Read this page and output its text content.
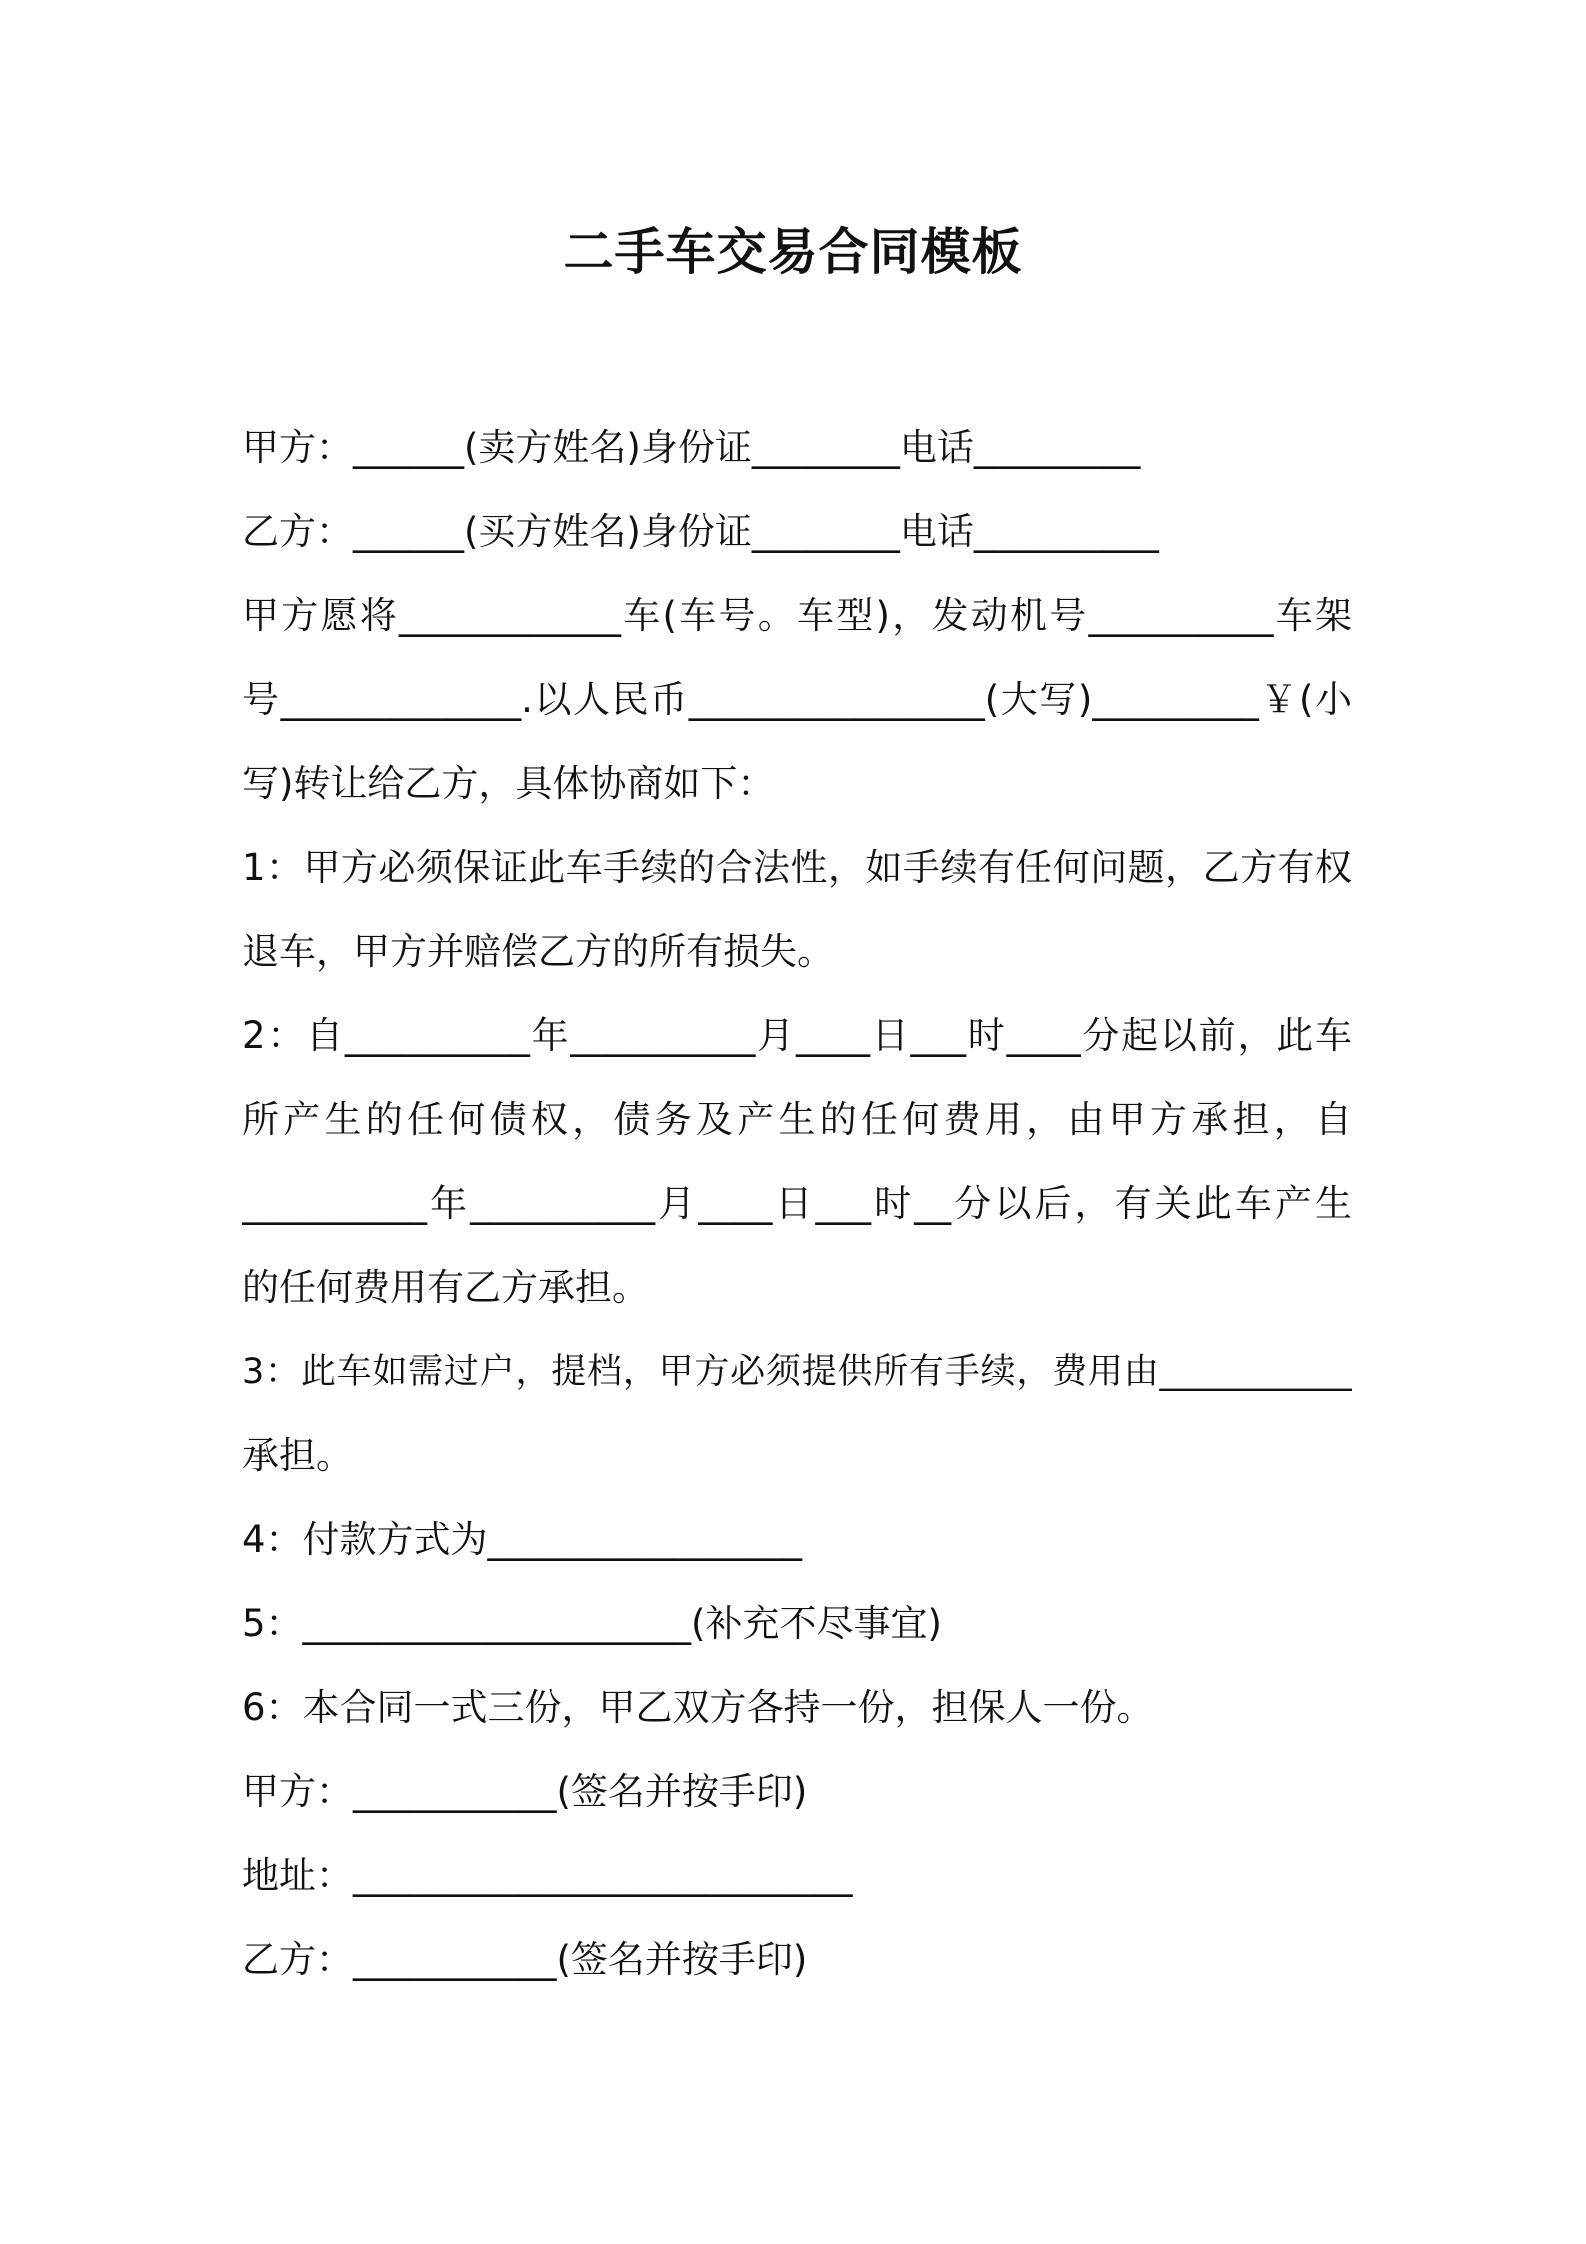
二手车交易合同模板
甲方：______(卖方姓名)身份证________电话_________
乙方：______(买方姓名)身份证________电话__________
甲方愿将____________车(车号。车型)，发动机号__________车架
号_____________.以人民币________________(大写)_________￥(小
写)转让给乙方，具体协商如下：
1：甲方必须保证此车手续的合法性，如手续有任何问题，乙方有权
退车，甲方并赔偿乙方的所有损失。
2：自__________年__________月____日___时____分起以前，此车
所产生的任何债权，债务及产生的任何费用，由甲方承担，自
__________年__________月____日___时__分以后，有关此车产生
的任何费用有乙方承担。
3：此车如需过户，提档，甲方必须提供所有手续，费用由___________
承担。
4：付款方式为_________________
5：_____________________(补充不尽事宜)
6：本合同一式三份，甲乙双方各持一份，担保人一份。
甲方：___________(签名并按手印)
地址：___________________________
乙方：___________(签名并按手印)
